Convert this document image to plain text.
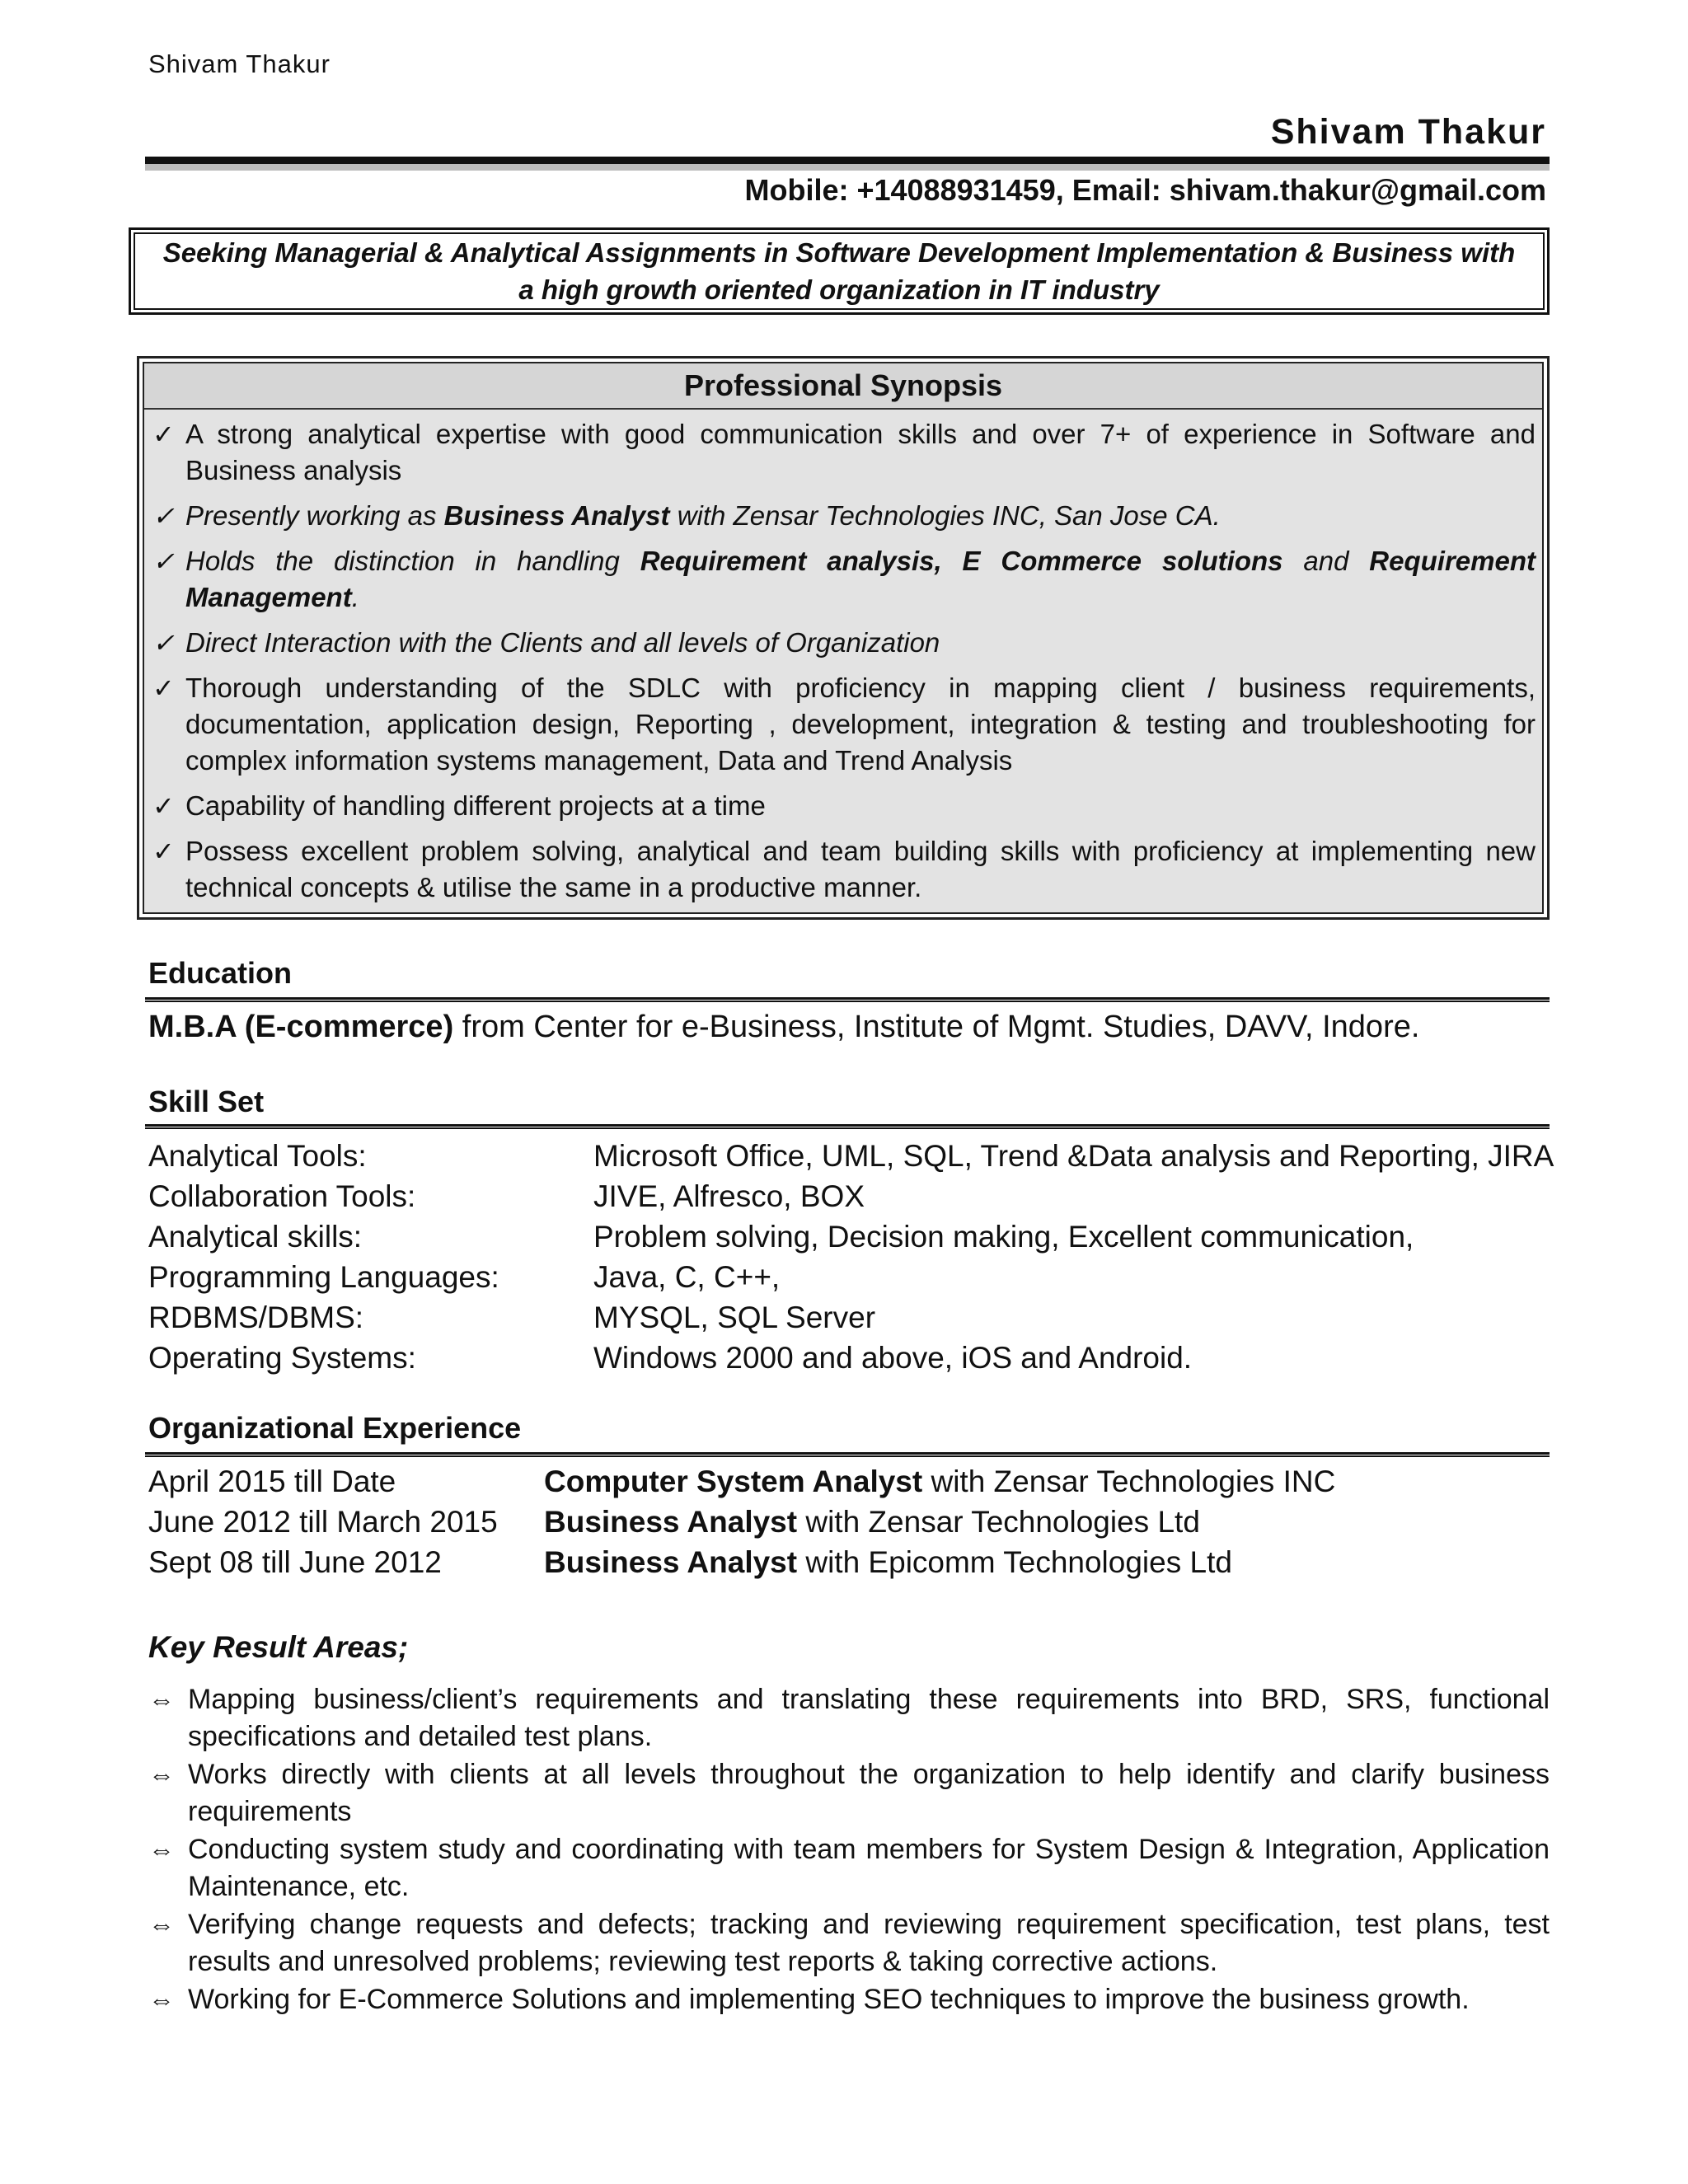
Shivam Thakur
Shivam Thakur
Mobile: +14088931459, Email: shivam.thakur@gmail.com
Seeking Managerial & Analytical Assignments in Software Development Implementation & Business with a high growth oriented organization in IT industry
Professional Synopsis
✓ A strong analytical expertise with good communication skills and over 7+ of experience in Software and Business analysis
✓ Presently working as Business Analyst with Zensar Technologies INC, San Jose CA.
✓ Holds the distinction in handling Requirement analysis, E Commerce solutions and Requirement Management.
✓ Direct Interaction with the Clients and all levels of Organization
✓ Thorough understanding of the SDLC with proficiency in mapping client / business requirements, documentation, application design, Reporting , development, integration & testing and troubleshooting for complex information systems management, Data and Trend Analysis
✓ Capability of handling different projects at a time
✓ Possess excellent problem solving, analytical and team building skills with proficiency at implementing new technical concepts & utilise the same in a productive manner.
Education
M.B.A (E-commerce) from Center for e-Business, Institute of Mgmt. Studies, DAVV, Indore.
Skill Set
Analytical Tools:	Microsoft Office, UML, SQL, Trend &Data analysis and Reporting, JIRA
Collaboration Tools:	JIVE, Alfresco, BOX
Analytical skills:	Problem solving, Decision making, Excellent communication,
Programming Languages:	Java, C, C++,
RDBMS/DBMS:	MYSQL, SQL Server
Operating Systems:	Windows 2000 and above, iOS and Android.
Organizational Experience
April 2015 till Date	Computer System Analyst with Zensar Technologies INC
June 2012 till March 2015	Business Analyst with Zensar Technologies Ltd
Sept 08 till June 2012	Business Analyst with Epicomm Technologies Ltd
Key Result Areas;
⇔ Mapping business/client’s requirements and translating these requirements into BRD, SRS, functional specifications and detailed test plans.
⇔ Works directly with clients at all levels throughout the organization to help identify and clarify business requirements
⇔ Conducting system study and coordinating with team members for System Design & Integration, Application Maintenance, etc.
⇔ Verifying change requests and defects; tracking and reviewing requirement specification, test plans, test results and unresolved problems; reviewing test reports & taking corrective actions.
⇔ Working for E-Commerce Solutions and implementing SEO techniques to improve the business growth.
